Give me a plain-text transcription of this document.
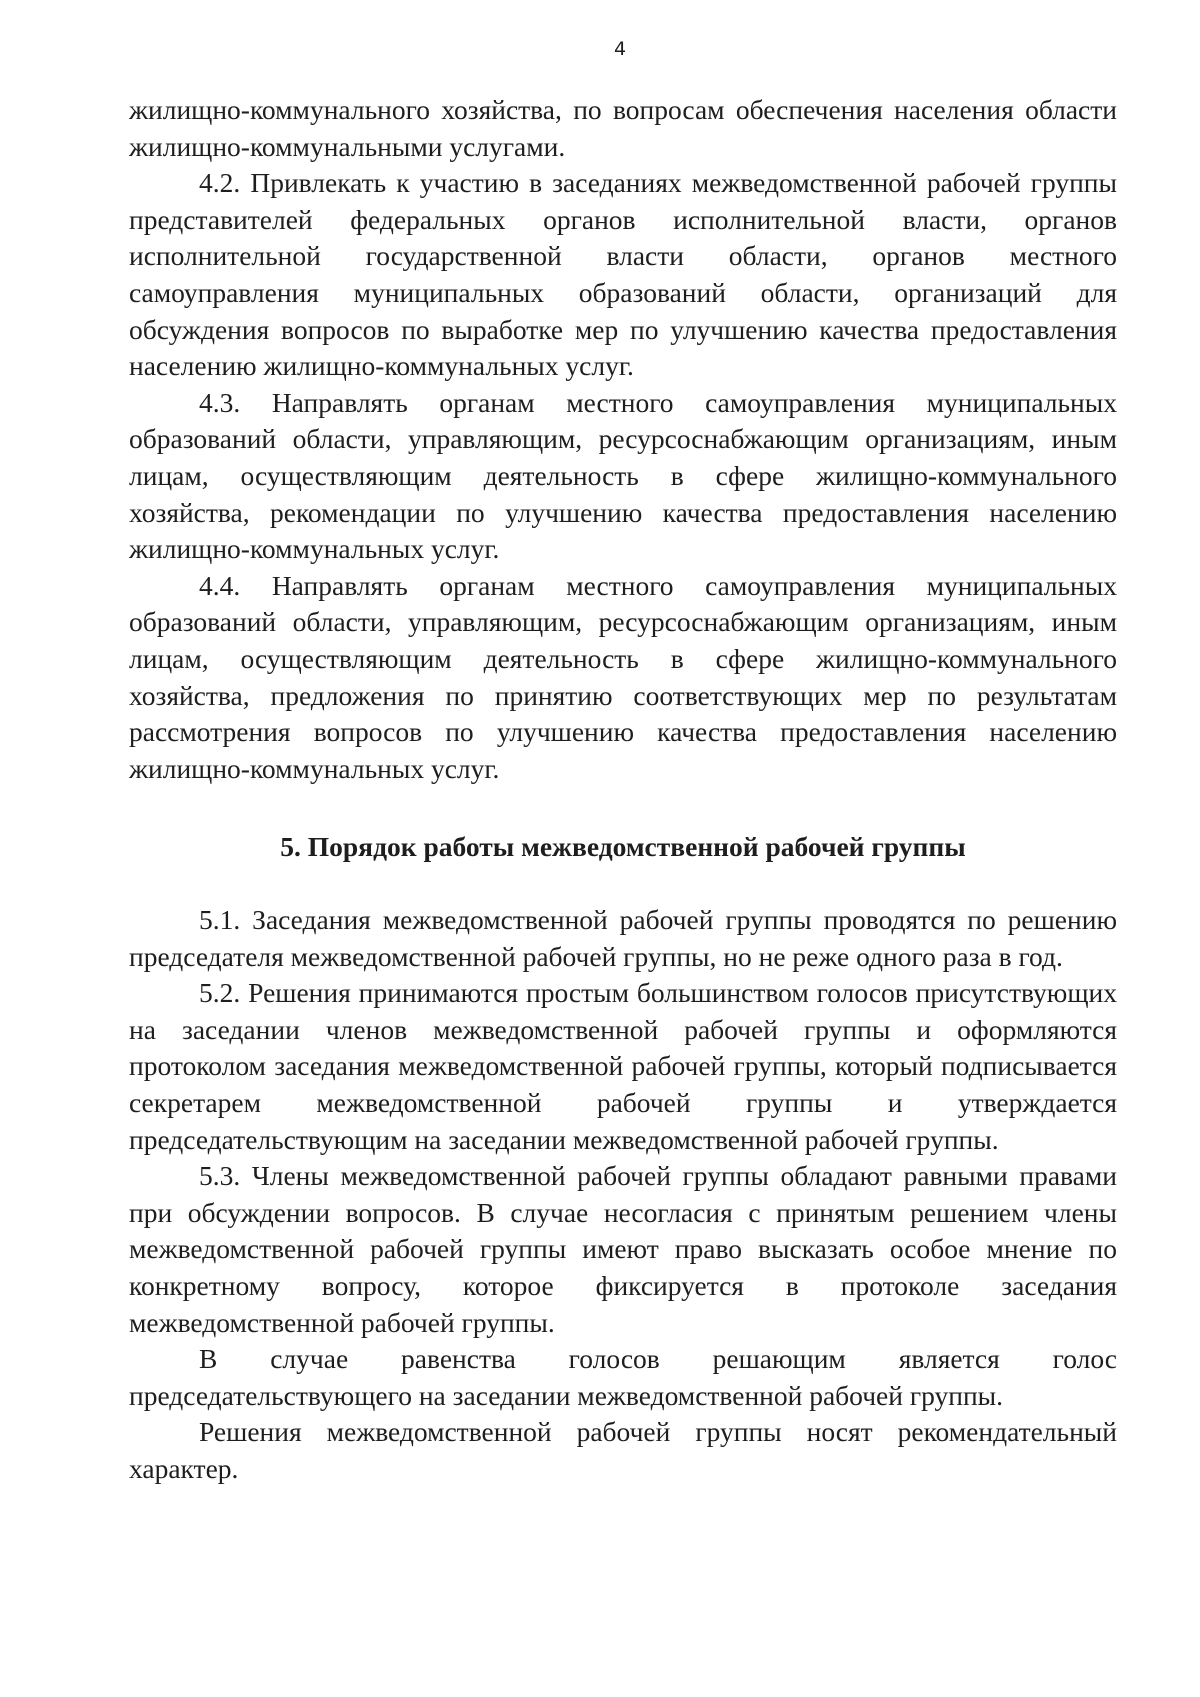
4

жилищно-коммунального хозяйства, по вопросам обеспечения населения области жилищно-коммунальными услугами.

4.2. Привлекать к участию в заседаниях межведомственной рабочей группы представителей федеральных органов исполнительной власти, органов исполнительной государственной власти области, органов местного самоуправления муниципальных образований области, организаций для обсуждения вопросов по выработке мер по улучшению качества предоставления населению жилищно-коммунальных услуг.

4.3. Направлять органам местного самоуправления муниципальных образований области, управляющим, ресурсоснабжающим организациям, иным лицам, осуществляющим деятельность в сфере жилищно-коммунального хозяйства, рекомендации по улучшению качества предоставления населению жилищно-коммунальных услуг.

4.4. Направлять органам местного самоуправления муниципальных образований области, управляющим, ресурсоснабжающим организациям, иным лицам, осуществляющим деятельность в сфере жилищно-коммунального хозяйства, предложения по принятию соответствующих мер по результатам рассмотрения вопросов по улучшению качества предоставления населению жилищно-коммунальных услуг.

5. Порядок работы межведомственной рабочей группы

5.1. Заседания межведомственной рабочей группы проводятся по решению председателя межведомственной рабочей группы, но не реже одного раза в год.

5.2. Решения принимаются простым большинством голосов присутствующих на заседании членов межведомственной рабочей группы и оформляются протоколом заседания межведомственной рабочей группы, который подписывается секретарем межведомственной рабочей группы и утверждается председательствующим на заседании межведомственной рабочей группы.

5.3. Члены межведомственной рабочей группы обладают равными правами при обсуждении вопросов. В случае несогласия с принятым решением члены межведомственной рабочей группы имеют право высказать особое мнение по конкретному вопросу, которое фиксируется в протоколе заседания межведомственной рабочей группы.

В случае равенства голосов решающим является голос председательствующего на заседании межведомственной рабочей группы.

Решения межведомственной рабочей группы носят рекомендательный характер.
